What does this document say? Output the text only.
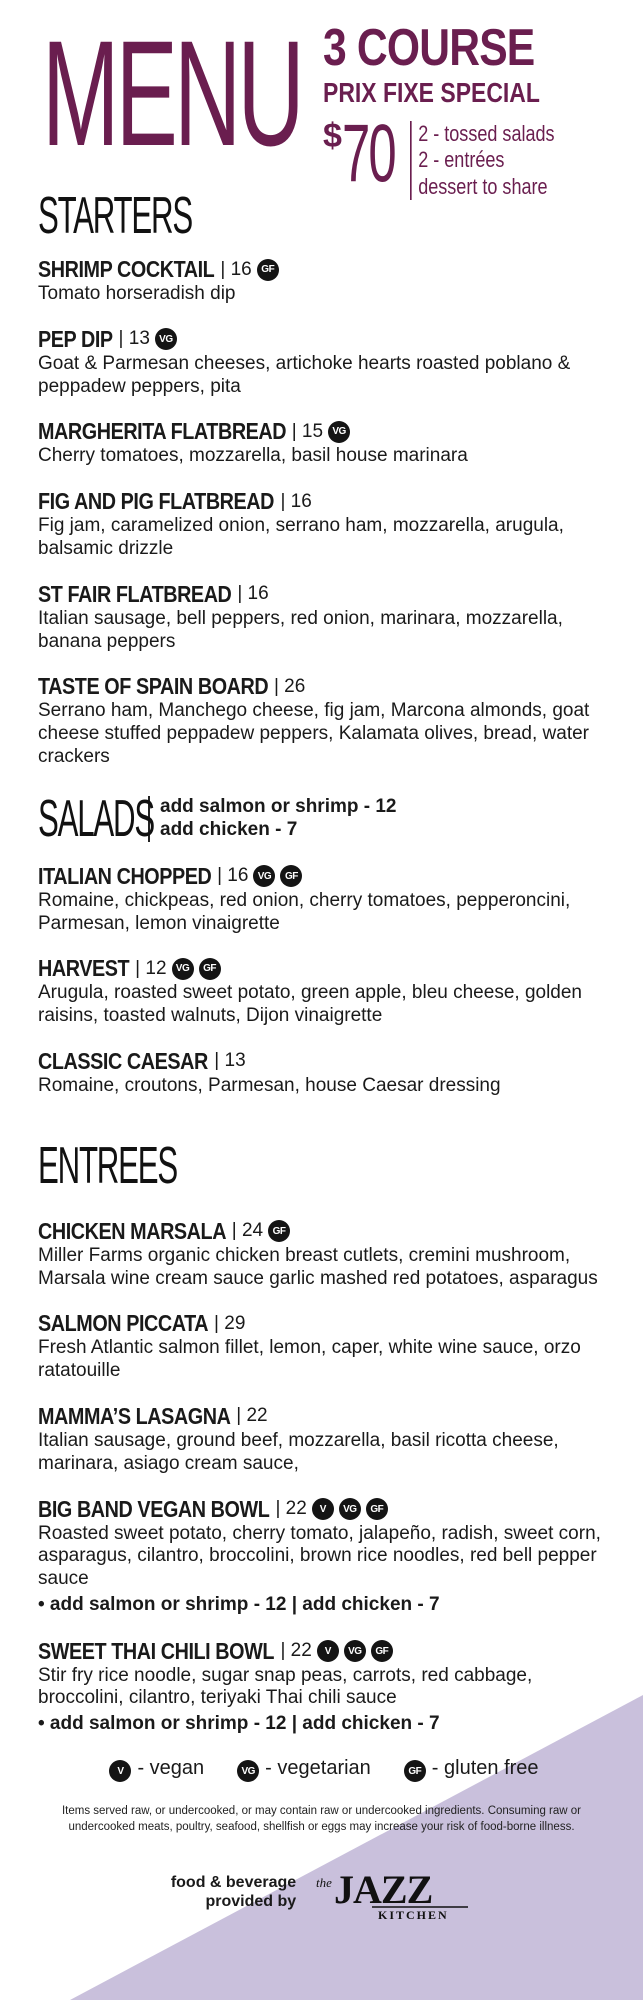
MENU 3 COURSE
PRIX FIXE SPECIAL
$ 70 2 - tossed salads
2 - entrées
dessert to share
STARTERS
SHRIMP COCKTAIL | 16 GF
Tomato horseradish dip
PEP DIP | 13 VG
Goat & Parmesan cheeses, artichoke hearts roasted poblano & peppadew peppers, pita
MARGHERITA FLATBREAD | 15 VG
Cherry tomatoes, mozzarella, basil house marinara
FIG AND PIG FLATBREAD | 16
Fig jam, caramelized onion, serrano ham, mozzarella, arugula, balsamic drizzle
ST FAIR FLATBREAD | 16
Italian sausage, bell peppers, red onion, marinara, mozzarella, banana peppers
TASTE OF SPAIN BOARD | 26
Serrano ham, Manchego cheese, fig jam, Marcona almonds, goat cheese stuffed peppadew peppers, Kalamata olives, bread, water crackers
SALADS add salmon or shrimp - 12
add chicken - 7
ITALIAN CHOPPED | 16 VG	GF
Romaine, chickpeas, red onion, cherry tomatoes, pepperoncini, Parmesan, lemon vinaigrette
HARVEST | 12 VG	GF
Arugula, roasted sweet potato, green apple, bleu cheese, golden raisins, toasted walnuts, Dijon vinaigrette
CLASSIC CAESAR | 13
Romaine, croutons, Parmesan, house Caesar dressing
ENTREES
CHICKEN MARSALA | 24 GF
Miller Farms organic chicken breast cutlets, cremini mushroom, Marsala wine cream sauce garlic mashed red potatoes, asparagus
SALMON PICCATA | 29
Fresh Atlantic salmon fillet, lemon, caper, white wine sauce, orzo ratatouille
MAMMA’S LASAGNA | 22
Italian sausage, ground beef, mozzarella, basil ricotta cheese, marinara, asiago cream sauce,
BIG BAND VEGAN BOWL | 22	V	VG	GF
Roasted sweet potato, cherry tomato, jalapeño, radish, sweet corn, asparagus, cilantro, broccolini, brown rice noodles, red bell pepper sauce
• add salmon or shrimp - 12 | add chicken - 7
SWEET THAI CHILI BOWL | 22	V	VG	GF
Stir fry rice noodle, sugar snap peas, carrots, red cabbage, broccolini, cilantro, teriyaki Thai chili sauce
• add salmon or shrimp - 12 | add chicken - 7
V - vegan	VG - vegetarian	GF - gluten free
Items served raw, or undercooked, or may contain raw or undercooked ingredients. Consuming raw or undercooked meats, poultry, seafood, shellfish or eggs may increase your risk of food-borne illness.
food & beverage
provided by
the JAZZ
KITCHEN
